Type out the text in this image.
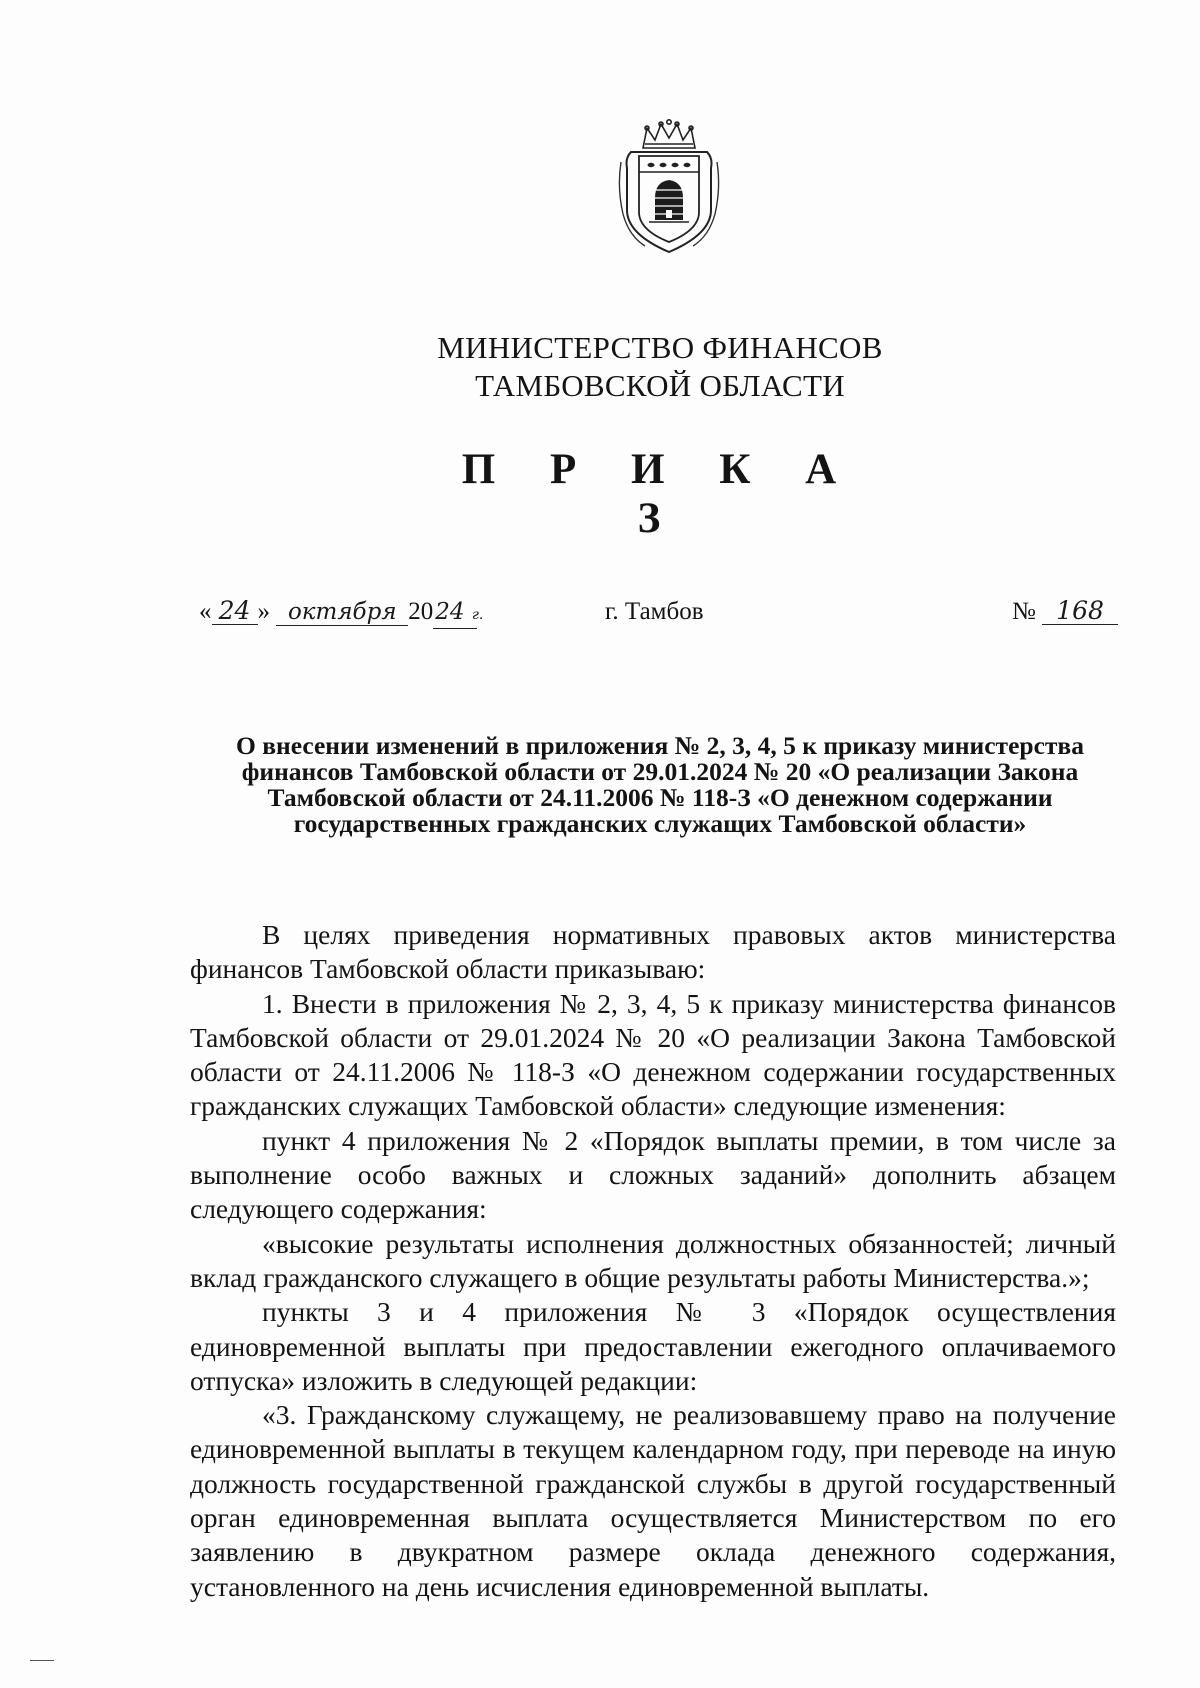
МИНИСТЕРСТВО ФИНАНСОВ
ТАМБОВСКОЙ ОБЛАСТИ
П Р И К А З
« 24 » октября 2024 г.	г. Тамбов	№ 168
О внесении изменений в приложения № 2, 3, 4, 5 к приказу министерства финансов Тамбовской области от 29.01.2024 № 20 «О реализации Закона Тамбовской области от 24.11.2006 № 118-З «О денежном содержании государственных гражданских служащих Тамбовской области»

В целях приведения нормативных правовых актов министерства финансов Тамбовской области приказываю:

1. Внести в приложения № 2, 3, 4, 5 к приказу министерства финансов Тамбовской области от 29.01.2024 № 20 «О реализации Закона Тамбовской области от 24.11.2006 № 118-З «О денежном содержании государственных гражданских служащих Тамбовской области» следующие изменения:

пункт 4 приложения № 2 «Порядок выплаты премии, в том числе за выполнение особо важных и сложных заданий» дополнить абзацем следующего содержания:

«высокие результаты исполнения должностных обязанностей; личный вклад гражданского служащего в общие результаты работы Министерства.»;

пункты 3 и 4 приложения № 3 «Порядок осуществления единовременной выплаты при предоставлении ежегодного оплачиваемого отпуска» изложить в следующей редакции:

«3. Гражданскому служащему, не реализовавшему право на получение единовременной выплаты в текущем календарном году, при переводе на иную должность государственной гражданской службы в другой государственный орган единовременная выплата осуществляется Министерством по его заявлению в двукратном размере оклада денежного содержания, установленного на день исчисления единовременной выплаты.
